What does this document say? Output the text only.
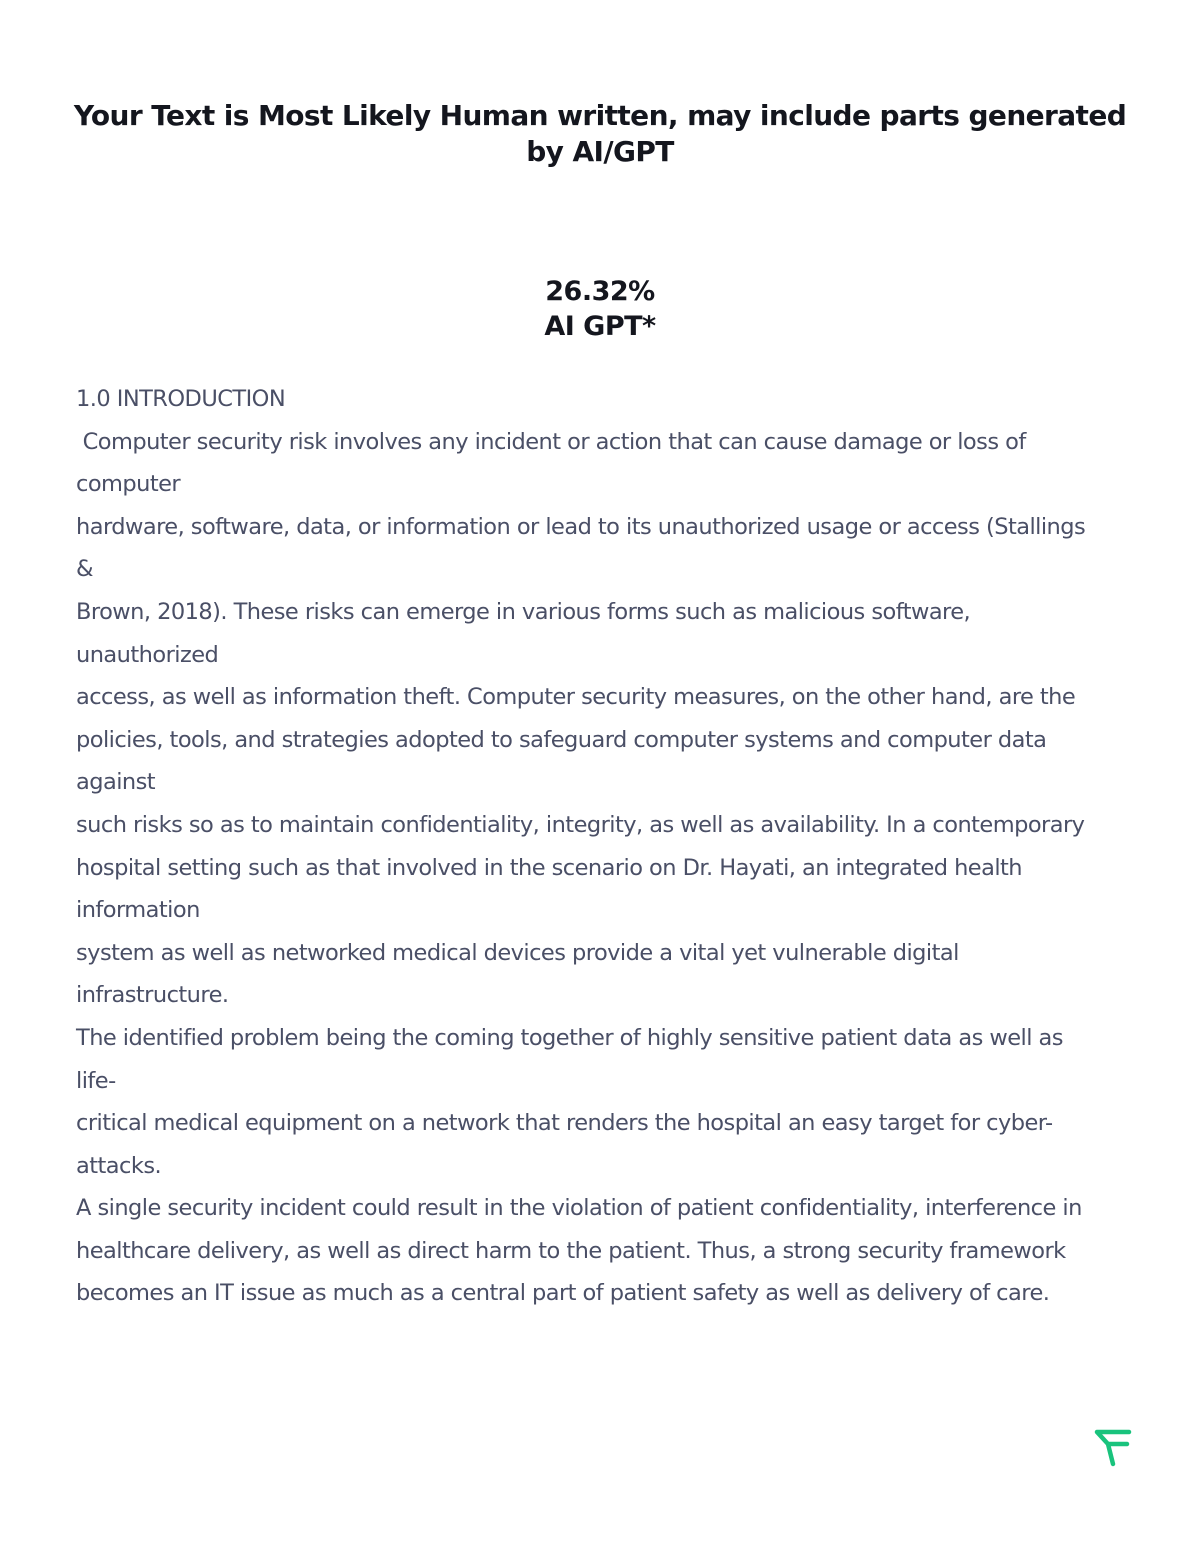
Your Text is Most Likely Human written, may include parts generated
by AI/GPT
26.32%
AI GPT*
1.0 INTRODUCTION
Computer security risk involves any incident or action that can cause damage or loss of
computer
hardware, software, data, or information or lead to its unauthorized usage or access (Stallings
&
Brown, 2018). These risks can emerge in various forms such as malicious software,
unauthorized
access, as well as information theft. Computer security measures, on the other hand, are the
policies, tools, and strategies adopted to safeguard computer systems and computer data
against
such risks so as to maintain confidentiality, integrity, as well as availability. In a contemporary
hospital setting such as that involved in the scenario on Dr. Hayati, an integrated health
information
system as well as networked medical devices provide a vital yet vulnerable digital
infrastructure.
The identified problem being the coming together of highly sensitive patient data as well as
life-
critical medical equipment on a network that renders the hospital an easy target for cyber-
attacks.
A single security incident could result in the violation of patient confidentiality, interference in
healthcare delivery, as well as direct harm to the patient. Thus, a strong security framework
becomes an IT issue as much as a central part of patient safety as well as delivery of care.
